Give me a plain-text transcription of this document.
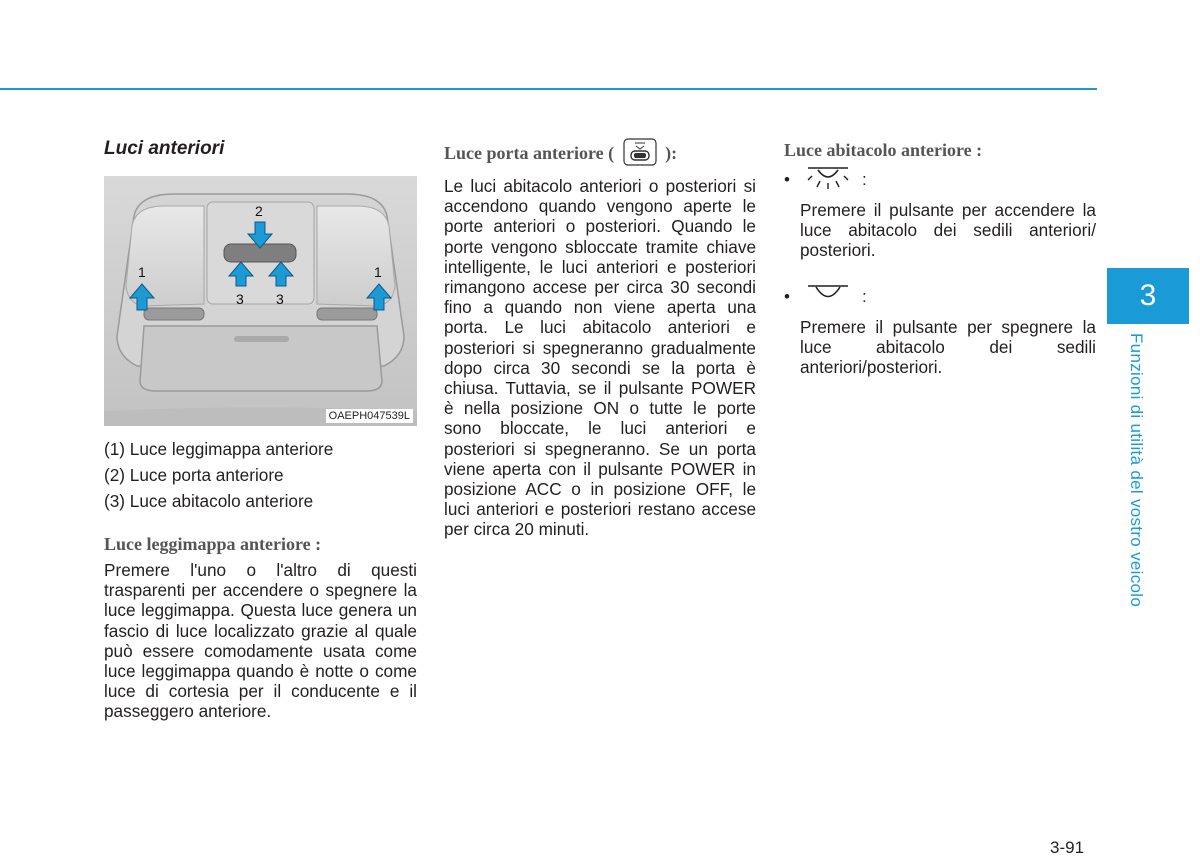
Luci anteriori
1
2
3 3
1
OAEPH047539L
(1) Luce leggimappa anteriore
(2) Luce porta anteriore
(3) Luce abitacolo anteriore
Luce leggimappa anteriore :

Premere l'uno o l'altro di questi trasparenti per accendere o spegnere la luce leggimappa. Questa luce genera un fascio di luce localizzato grazie al quale può essere comodamente usata come luce leggimappa quando è notte o come luce di cortesia per il conducente e il passeggero anteriore.

Luce porta anteriore (	):

Le luci abitacolo anteriori o posteriori si accendono quando vengono aperte le porte anteriori o posteriori. Quando le porte vengono sbloccate tramite chiave intelligente, le luci anteriori e posteriori rimangono accese per circa 30 secondi fino a quando non viene aperta una porta. Le luci abitacolo anteriori e posteriori si spegneranno gradualmente dopo circa 30 secondi se la porta è chiusa. Tuttavia, se il pulsante POWER è nella posizione ON o tutte le porte sono bloccate, le luci anteriori e posteriori si spegneranno. Se un porta viene aperta con il pulsante POWER in posizione ACC o in posizione OFF, le luci anteriori e posteriori restano accese per circa 20 minuti.

Luce abitacolo anteriore :
•	:

Premere il pulsante per accendere la luce abitacolo dei sedili anteriori/ posteriori.

•	:

Premere il pulsante per spegnere la luce abitacolo dei sedili anteriori/posteriori.

3
Funzioni di utilità del vostro veicolo
3-91
